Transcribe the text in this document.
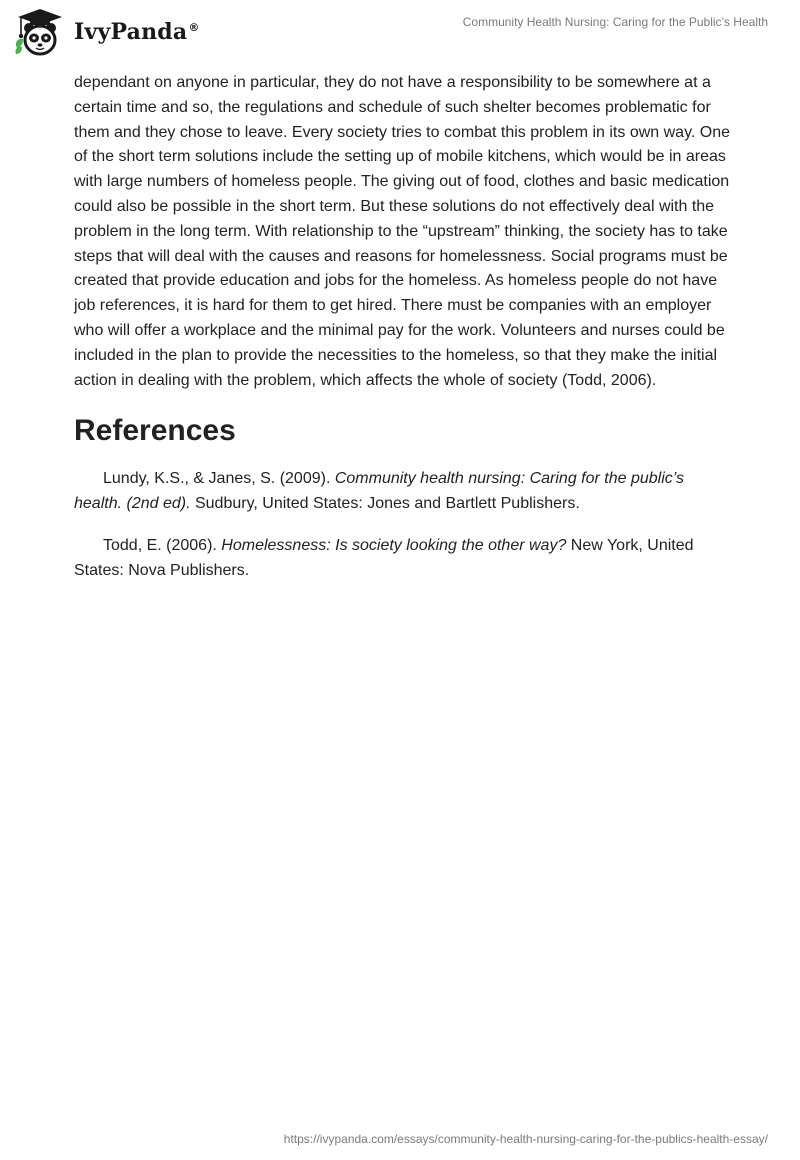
IvyPanda®	Community Health Nursing: Caring for the Public’s Health

dependant on anyone in particular, they do not have a responsibility to be somewhere at a certain time and so, the regulations and schedule of such shelter becomes problematic for them and they chose to leave. Every society tries to combat this problem in its own way. One of the short term solutions include the setting up of mobile kitchens, which would be in areas with large numbers of homeless people. The giving out of food, clothes and basic medication could also be possible in the short term. But these solutions do not effectively deal with the problem in the long term. With relationship to the “upstream” thinking, the society has to take steps that will deal with the causes and reasons for homelessness. Social programs must be created that provide education and jobs for the homeless. As homeless people do not have job references, it is hard for them to get hired. There must be companies with an employer who will offer a workplace and the minimal pay for the work. Volunteers and nurses could be included in the plan to provide the necessities to the homeless, so that they make the initial action in dealing with the problem, which affects the whole of society (Todd, 2006).

References

Lundy, K.S., & Janes, S. (2009). Community health nursing: Caring for the public’s health. (2nd ed). Sudbury, United States: Jones and Bartlett Publishers.

Todd, E. (2006). Homelessness: Is society looking the other way? New York, United States: Nova Publishers.

https://ivypanda.com/essays/community-health-nursing-caring-for-the-publics-health-essay/
